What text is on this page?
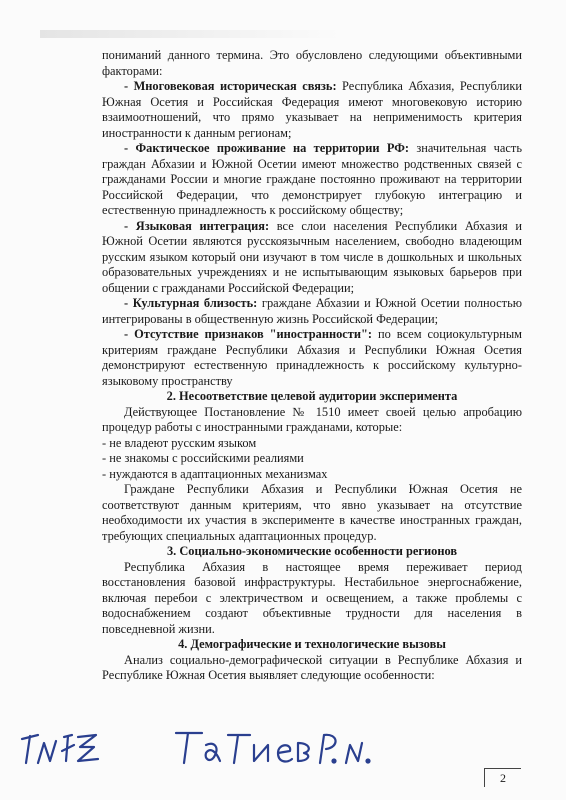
пониманий данного термина. Это обусловлено следующими объективными факторами:

- Многовековая историческая связь: Республика Абхазия, Республики Южная Осетия и Российская Федерация имеют многовековую историю взаимоотношений, что прямо указывает на неприменимость критерия иностранности к данным регионам;

- Фактическое проживание на территории РФ: значительная часть граждан Абхазии и Южной Осетии имеют множество родственных связей с гражданами России и многие граждане постоянно проживают на территории Российской Федерации, что демонстрирует глубокую интеграцию и естественную принадлежность к российскому обществу;

- Языковая интеграция: все слои населения Республики Абхазия и Южной Осетии являются русскоязычным населением, свободно владеющим русским языком который они изучают в том числе в дошкольных и школьных образовательных учреждениях и не испытывающим языковых барьеров при общении с гражданами Российской Федерации;

- Культурная близость: граждане Абхазии и Южной Осетии полностью интегрированы в общественную жизнь Российской Федерации;

- Отсутствие признаков "иностранности": по всем социокультурным критериям граждане Республики Абхазия и Республики Южная Осетия демонстрируют естественную принадлежность к российскому культурно-языковому пространству

2. Несоответствие целевой аудитории эксперимента

Действующее Постановление № 1510 имеет своей целью апробацию процедур работы с иностранными гражданами, которые:

- не владеют русским языком

- не знакомы с российскими реалиями

- нуждаются в адаптационных механизмах

Граждане Республики Абхазия и Республики Южная Осетия не соответствуют данным критериям, что явно указывает на отсутствие необходимости их участия в эксперименте в качестве иностранных граждан, требующих специальных адаптационных процедур.

3. Социально-экономические особенности регионов

Республика Абхазия в настоящее время переживает период восстановления базовой инфраструктуры. Нестабильное энергоснабжение, включая перебои с электричеством и освещением, а также проблемы с водоснабжением создают объективные трудности для населения в повседневной жизни.

4. Демографические и технологические вызовы

Анализ социально-демографической ситуации в Республике Абхазия и Республике Южная Осетия выявляет следующие особенности:

2
